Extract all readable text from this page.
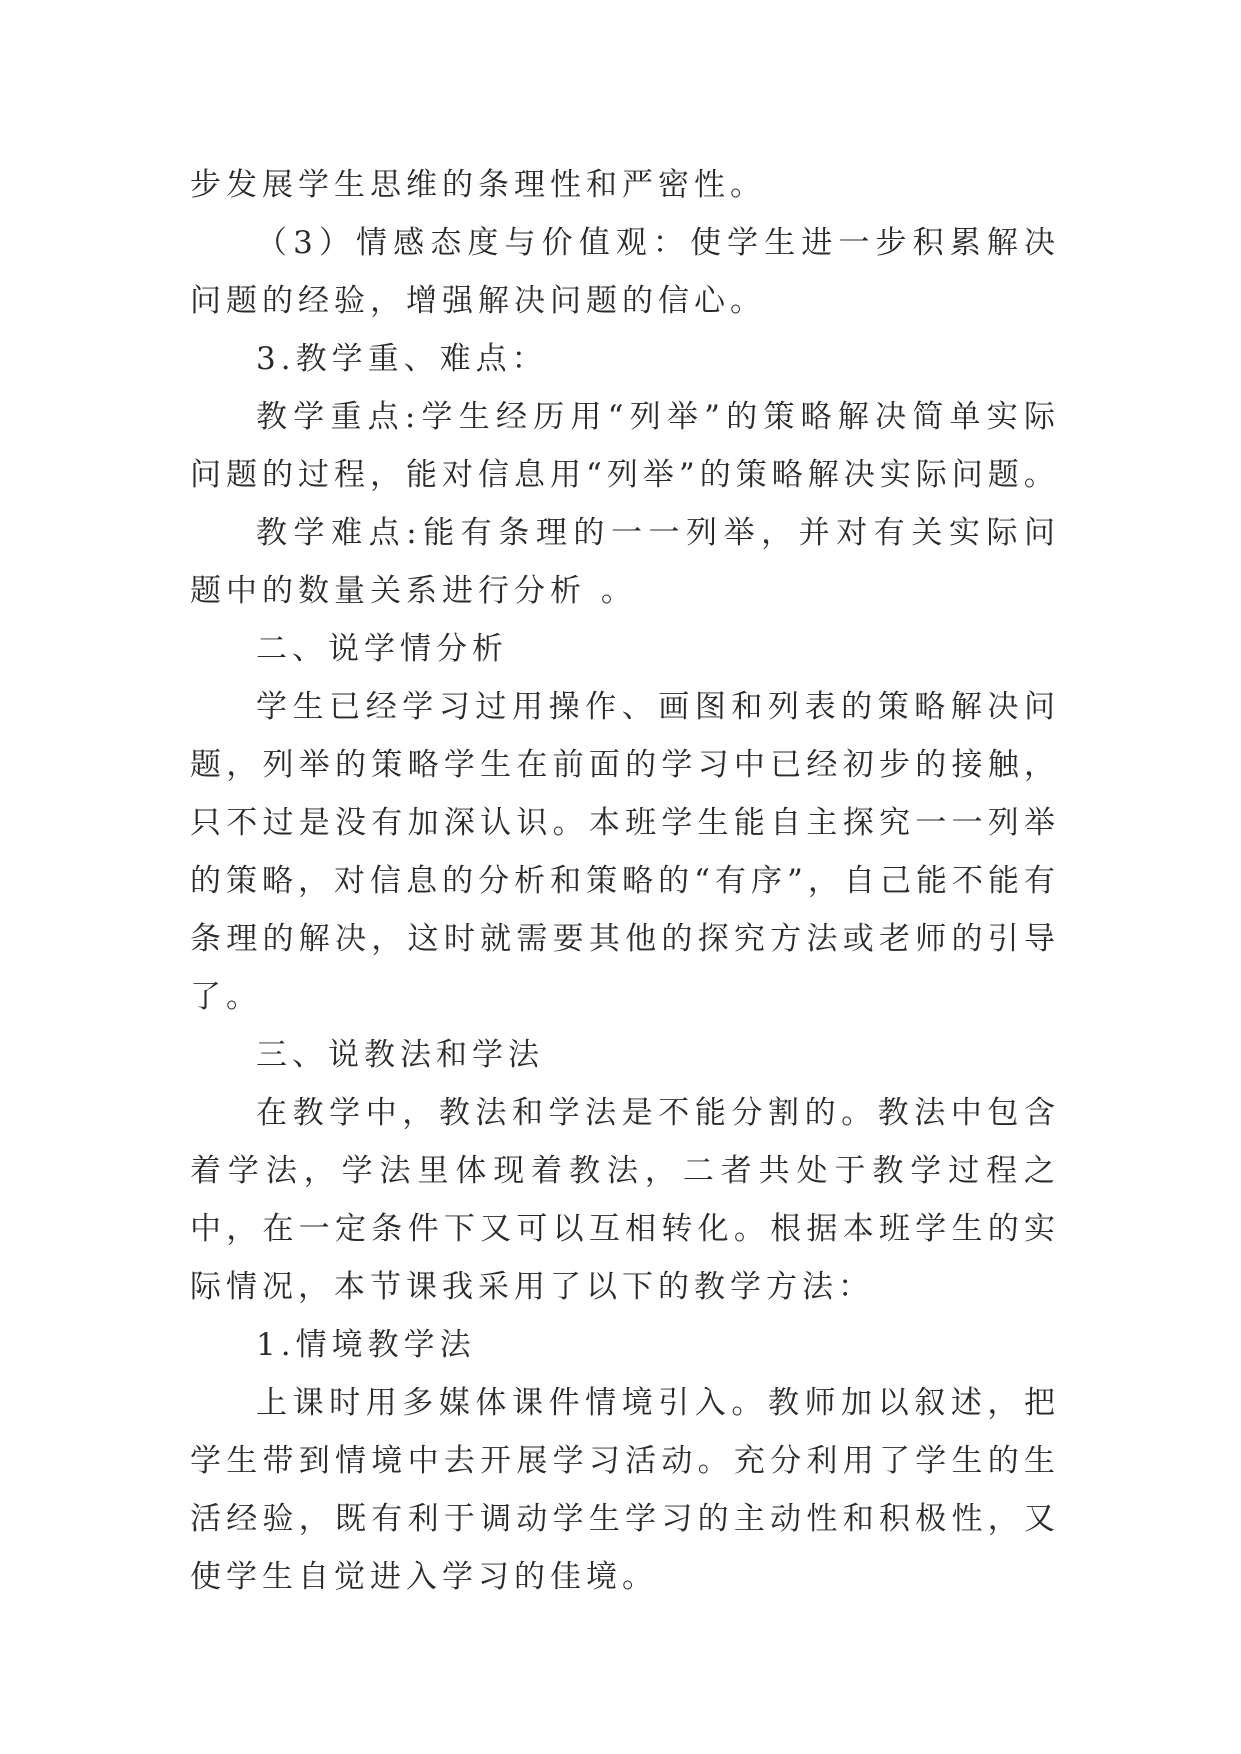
步发展学生思维的条理性和严密性。

（3）情感态度与价值观：使学生进一步积累解决问题的经验，增强解决问题的信心。

3.教学重、难点：

教学重点:学生经历用“列举”的策略解决简单实际问题的过程，能对信息用“列举”的策略解决实际问题。

教学难点:能有条理的一一列举，并对有关实际问题中的数量关系进行分析 。

二、说学情分析

学生已经学习过用操作、画图和列表的策略解决问题，列举的策略学生在前面的学习中已经初步的接触，只不过是没有加深认识。本班学生能自主探究一一列举的策略，对信息的分析和策略的“有序”，自己能不能有条理的解决，这时就需要其他的探究方法或老师的引导了。

三、说教法和学法

在教学中，教法和学法是不能分割的。教法中包含着学法，学法里体现着教法，二者共处于教学过程之中，在一定条件下又可以互相转化。根据本班学生的实际情况，本节课我采用了以下的教学方法：

1.情境教学法

上课时用多媒体课件情境引入。教师加以叙述，把学生带到情境中去开展学习活动。充分利用了学生的生活经验，既有利于调动学生学习的主动性和积极性，又使学生自觉进入学习的佳境。
